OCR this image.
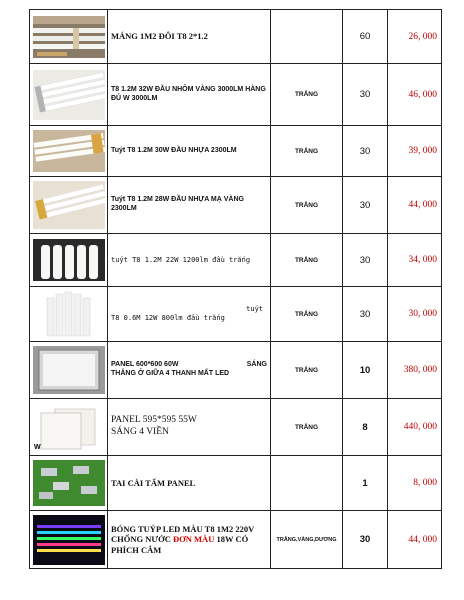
	MÁNG 1M2 ĐÔI T8 2*1.2		60	26, 000

	T8 1.2M 32W ĐẦU NHÔM VÀNG 3000LM HÀNG ĐỦ W 3000LM	TRẮNG	30	46, 000

	Tuýt T8 1.2M 30W ĐẦU NHỰA 2300LM	TRẮNG	30	39, 000

	Tuýt T8 1.2M 28W ĐẦU NHỰA MẠ VÀNG 2300LM	TRẮNG	30	44, 000

	tuýt T8 1.2M 22W 1200lm đầu trắng	TRẮNG	30	34, 000

tuýt
T8 0.6M 12W 800lm đầu trắng	TRẮNG	30	30, 000

PANEL 600*600 60W SÁNG
THẲNG Ở GIỮA 4 THANH MẤT LED	TRẮNG	10	380, 000

W	PANEL 595*595 55W
SÁNG 4 VIỀN	TRẮNG	8	440, 000

	TAI CÀI TẤM PANEL		1	8, 000

	BÓNG TUÝP LED MÀU T8 1M2 220V CHỐNG NƯỚC ĐƠN MÀU 18W CÓ PHÍCH CẮM	TRẮNG,VÀNG,DƯƠNG	30	44, 000
